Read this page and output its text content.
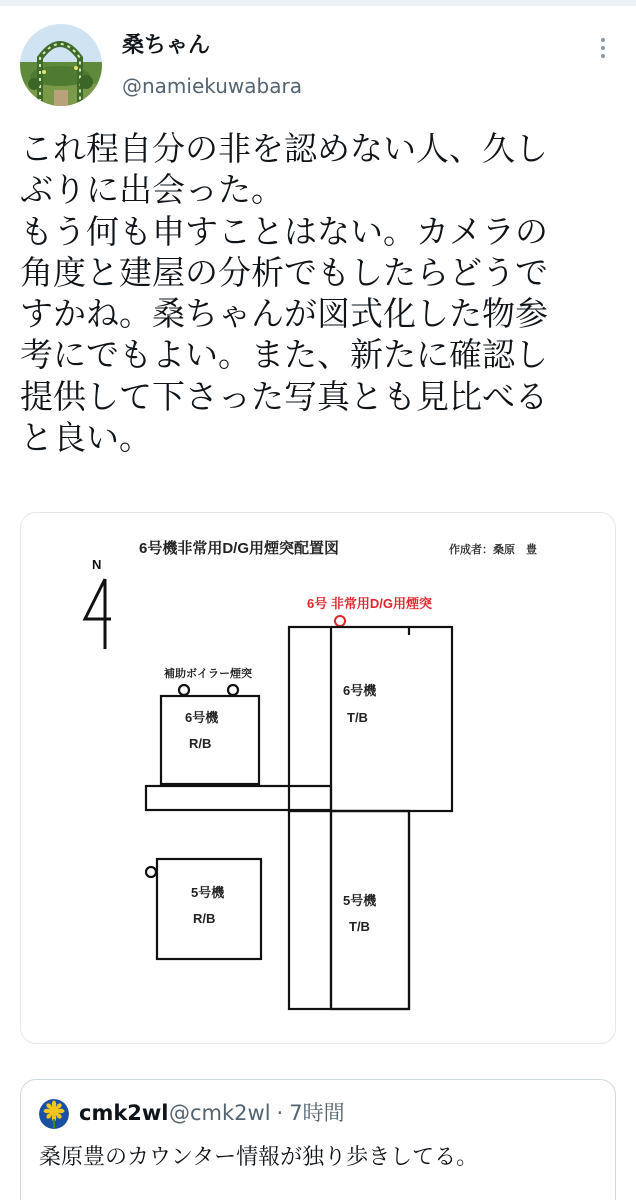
桑ちゃん
@namiekuwabara

これ程自分の非を認めない人、久し

ぶりに出会った。

もう何も申すことはない。カメラの

角度と建屋の分析でもしたらどうで

すかね。桑ちゃんが図式化した物参

考にでもよい。また、新たに確認し

提供して下さった写真とも見比べる

と良い。

6号機非常用D/G用煙突配置図	作成者：桑原　豊
N
6号 非常用D/G用煙突
補助ボイラー煙突
6号機
R/B
6号機
T/B
5号機
T/B
5号機
R/B
cmk2wl @cmk2wl · 7時間
桑原豊のカウンター情報が独り歩きしてる。
